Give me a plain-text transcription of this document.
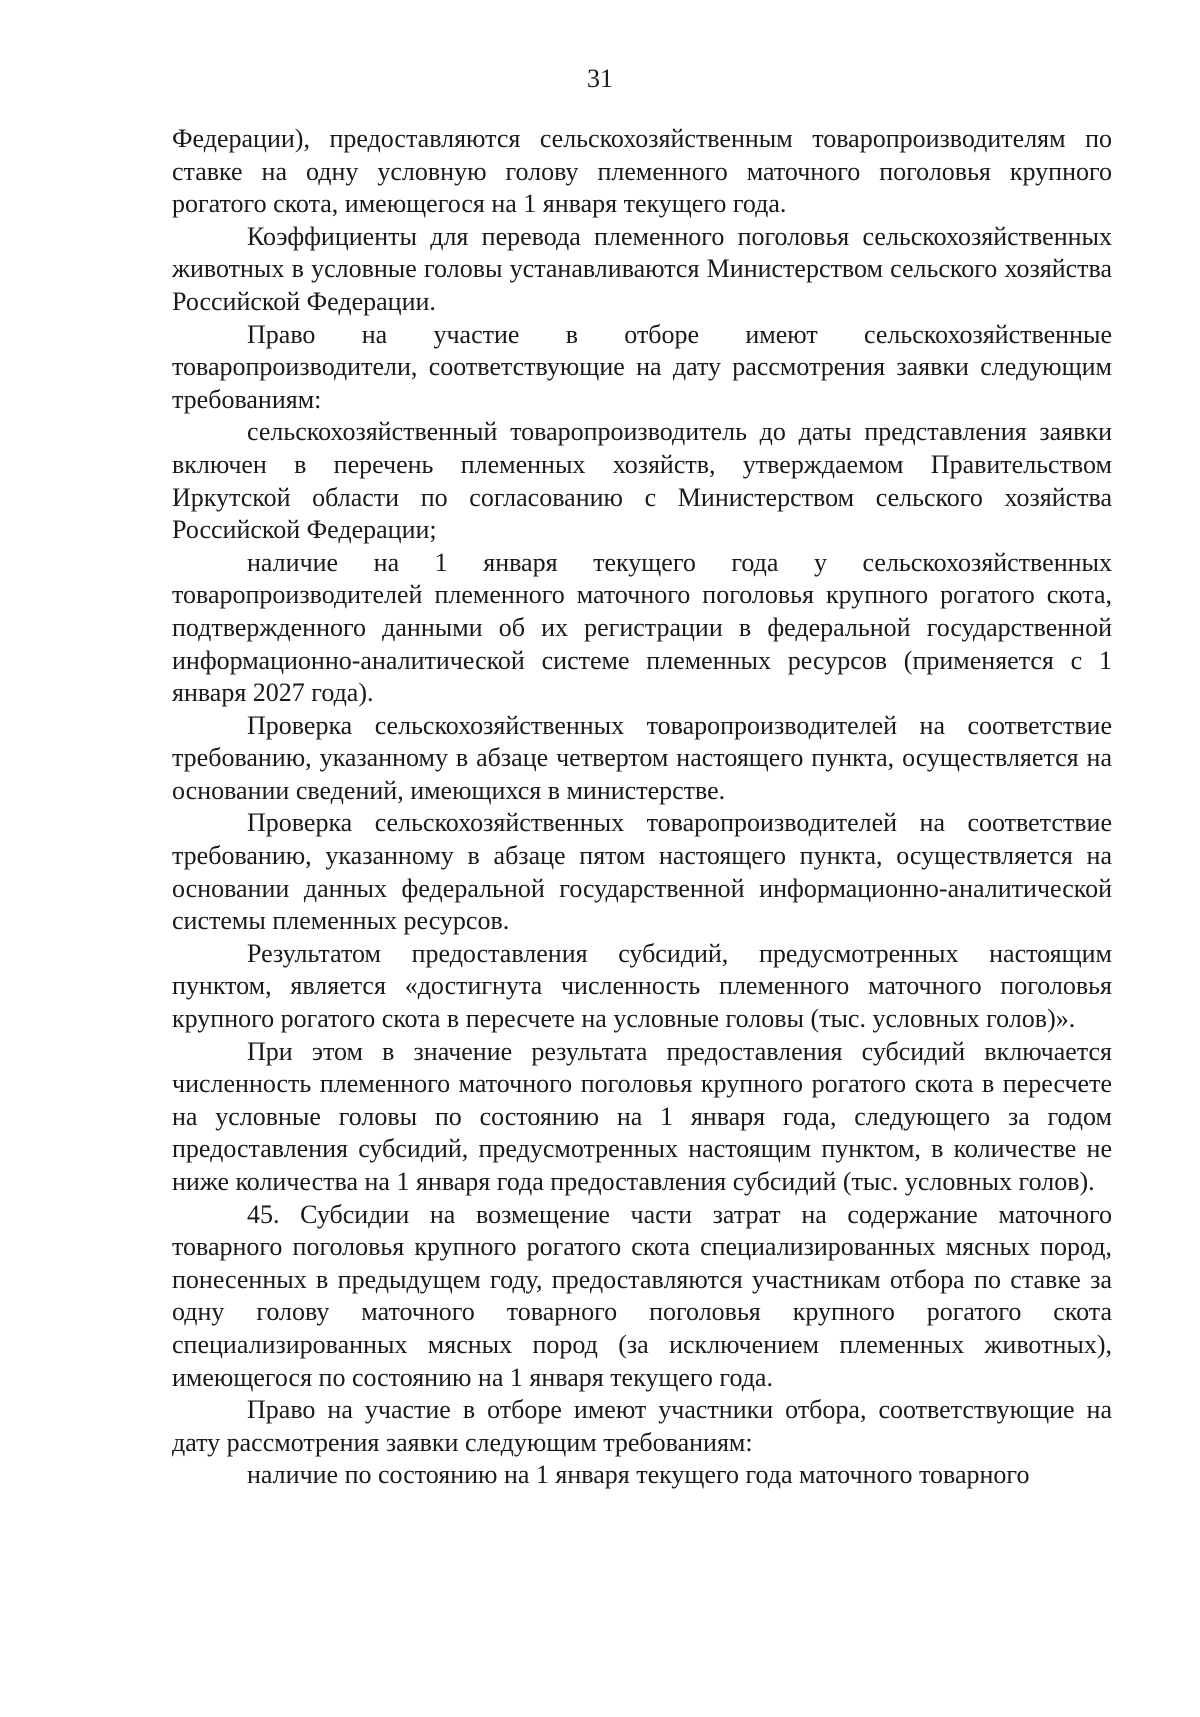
31

Федерации), предоставляются сельскохозяйственным товаропроизводителям по ставке на одну условную голову племенного маточного поголовья крупного рогатого скота, имеющегося на 1 января текущего года.

Коэффициенты для перевода племенного поголовья сельскохозяйственных животных в условные головы устанавливаются Министерством сельского хозяйства Российской Федерации.

Право на участие в отборе имеют сельскохозяйственные товаропроизводители, соответствующие на дату рассмотрения заявки следующим требованиям:

сельскохозяйственный товаропроизводитель до даты представления заявки включен в перечень племенных хозяйств, утверждаемом Правительством Иркутской области по согласованию с Министерством сельского хозяйства Российской Федерации;

наличие на 1 января текущего года у сельскохозяйственных товаропроизводителей племенного маточного поголовья крупного рогатого скота, подтвержденного данными об их регистрации в федеральной государственной информационно-аналитической системе племенных ресурсов (применяется с 1 января 2027 года).

Проверка сельскохозяйственных товаропроизводителей на соответствие требованию, указанному в абзаце четвертом настоящего пункта, осуществляется на основании сведений, имеющихся в министерстве.

Проверка сельскохозяйственных товаропроизводителей на соответствие требованию, указанному в абзаце пятом настоящего пункта, осуществляется на основании данных федеральной государственной информационно-аналитической системы племенных ресурсов.

Результатом предоставления субсидий, предусмотренных настоящим пунктом, является «достигнута численность племенного маточного поголовья крупного рогатого скота в пересчете на условные головы (тыс. условных голов)».

При этом в значение результата предоставления субсидий включается численность племенного маточного поголовья крупного рогатого скота в пересчете на условные головы по состоянию на 1 января года, следующего за годом предоставления субсидий, предусмотренных настоящим пунктом, в количестве не ниже количества на 1 января года предоставления субсидий (тыс. условных голов).

45. Субсидии на возмещение части затрат на содержание маточного товарного поголовья крупного рогатого скота специализированных мясных пород, понесенных в предыдущем году, предоставляются участникам отбора по ставке за одну голову маточного товарного поголовья крупного рогатого скота специализированных мясных пород (за исключением племенных животных), имеющегося по состоянию на 1 января текущего года.

Право на участие в отборе имеют участники отбора, соответствующие на дату рассмотрения заявки следующим требованиям:

наличие по состоянию на 1 января текущего года маточного товарного
